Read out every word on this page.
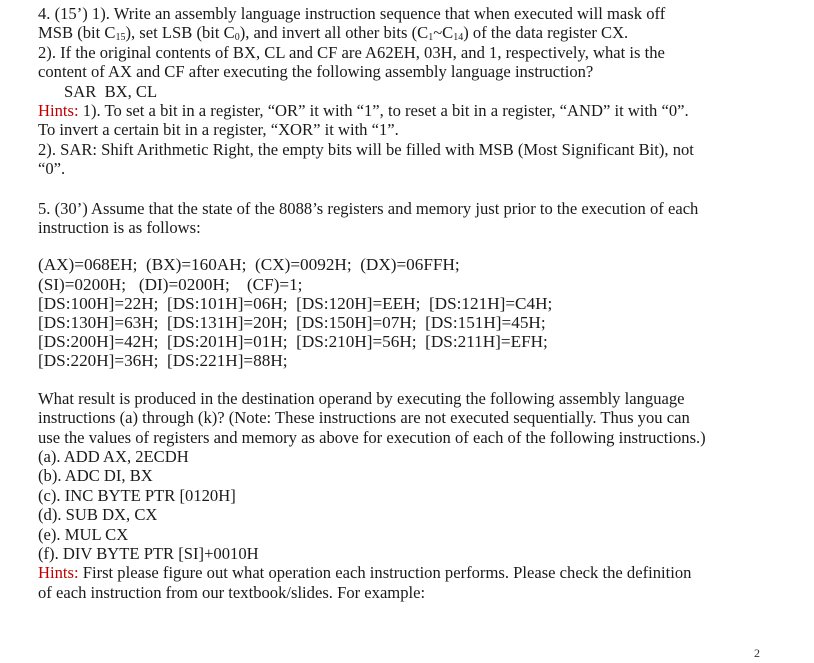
4. (15’) 1). Write an assembly language instruction sequence that when executed will mask off
MSB (bit $C_{15}$), set LSB (bit $C_0$), and invert all other bits $(C_1\sim C_{14})$ of the data register CX.
2). If the original contents of BX, CL and CF are A62EH, 03H, and 1, respectively, what is the
content of AX and CF after executing the following assembly language instruction?
SAR  BX, CL
Hints: 1). To set a bit in a register, “OR” it with “1”, to reset a bit in a register, “AND” it with “0”.
To invert a certain bit in a register, “XOR” it with “1”.
2). SAR: Shift Arithmetic Right, the empty bits will be filled with MSB (Most Significant Bit), not
“0”.
5. (30’) Assume that the state of the 8088’s registers and memory just prior to the execution of each
instruction is as follows:
(AX)=068EH;  (BX)=160AH;  (CX)=0092H;  (DX)=06FFH;
(SI)=0200H;   (DI)=0200H;    (CF)=1;
[DS:100H]=22H;  [DS:101H]=06H;  [DS:120H]=EEH;  [DS:121H]=C4H;
[DS:130H]=63H;  [DS:131H]=20H;  [DS:150H]=07H;  [DS:151H]=45H;
[DS:200H]=42H;  [DS:201H]=01H;  [DS:210H]=56H;  [DS:211H]=EFH;
[DS:220H]=36H;  [DS:221H]=88H;
What result is produced in the destination operand by executing the following assembly language
instructions (a) through (k)? (Note: These instructions are not executed sequentially. Thus you can
use the values of registers and memory as above for execution of each of the following instructions.)
(a). ADD AX, 2ECDH
(b). ADC DI, BX
(c). INC BYTE PTR [0120H]
(d). SUB DX, CX
(e). MUL CX
(f). DIV BYTE PTR [SI]+0010H
Hints: First please figure out what operation each instruction performs. Please check the definition
of each instruction from our textbook/slides. For example:
2
